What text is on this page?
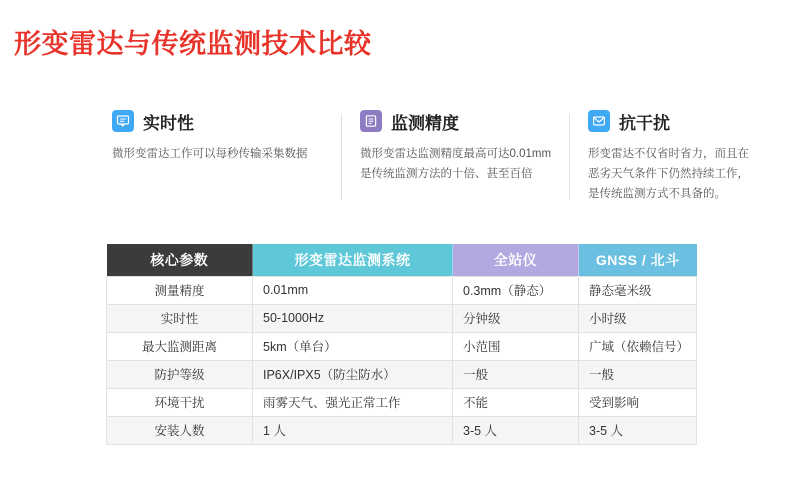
形变雷达与传统监测技术比较
实时性
微形变雷达工作可以每秒传输采集数据
监测精度
微形变雷达监测精度最高可达0.01mm 是传统监测方法的十倍、甚至百倍
抗干扰
形变雷达不仅省时省力，而且在恶劣天气条件下仍然持续工作，是传统监测方式不具备的。
核心参数	形变雷达监测系统	全站仪	GNSS / 北斗
测量精度	0.01mm	0.3mm（静态）	静态毫米级
实时性	50-1000Hz	分钟级	小时级
最大监测距离	5km（单台）	小范围	广域（依赖信号）
防护等级	IP6X/IPX5（防尘防水）	一般	一般
环境干扰	雨雾天气、强光正常工作	不能	受到影响
安装人数	1 人	3-5 人	3-5 人
